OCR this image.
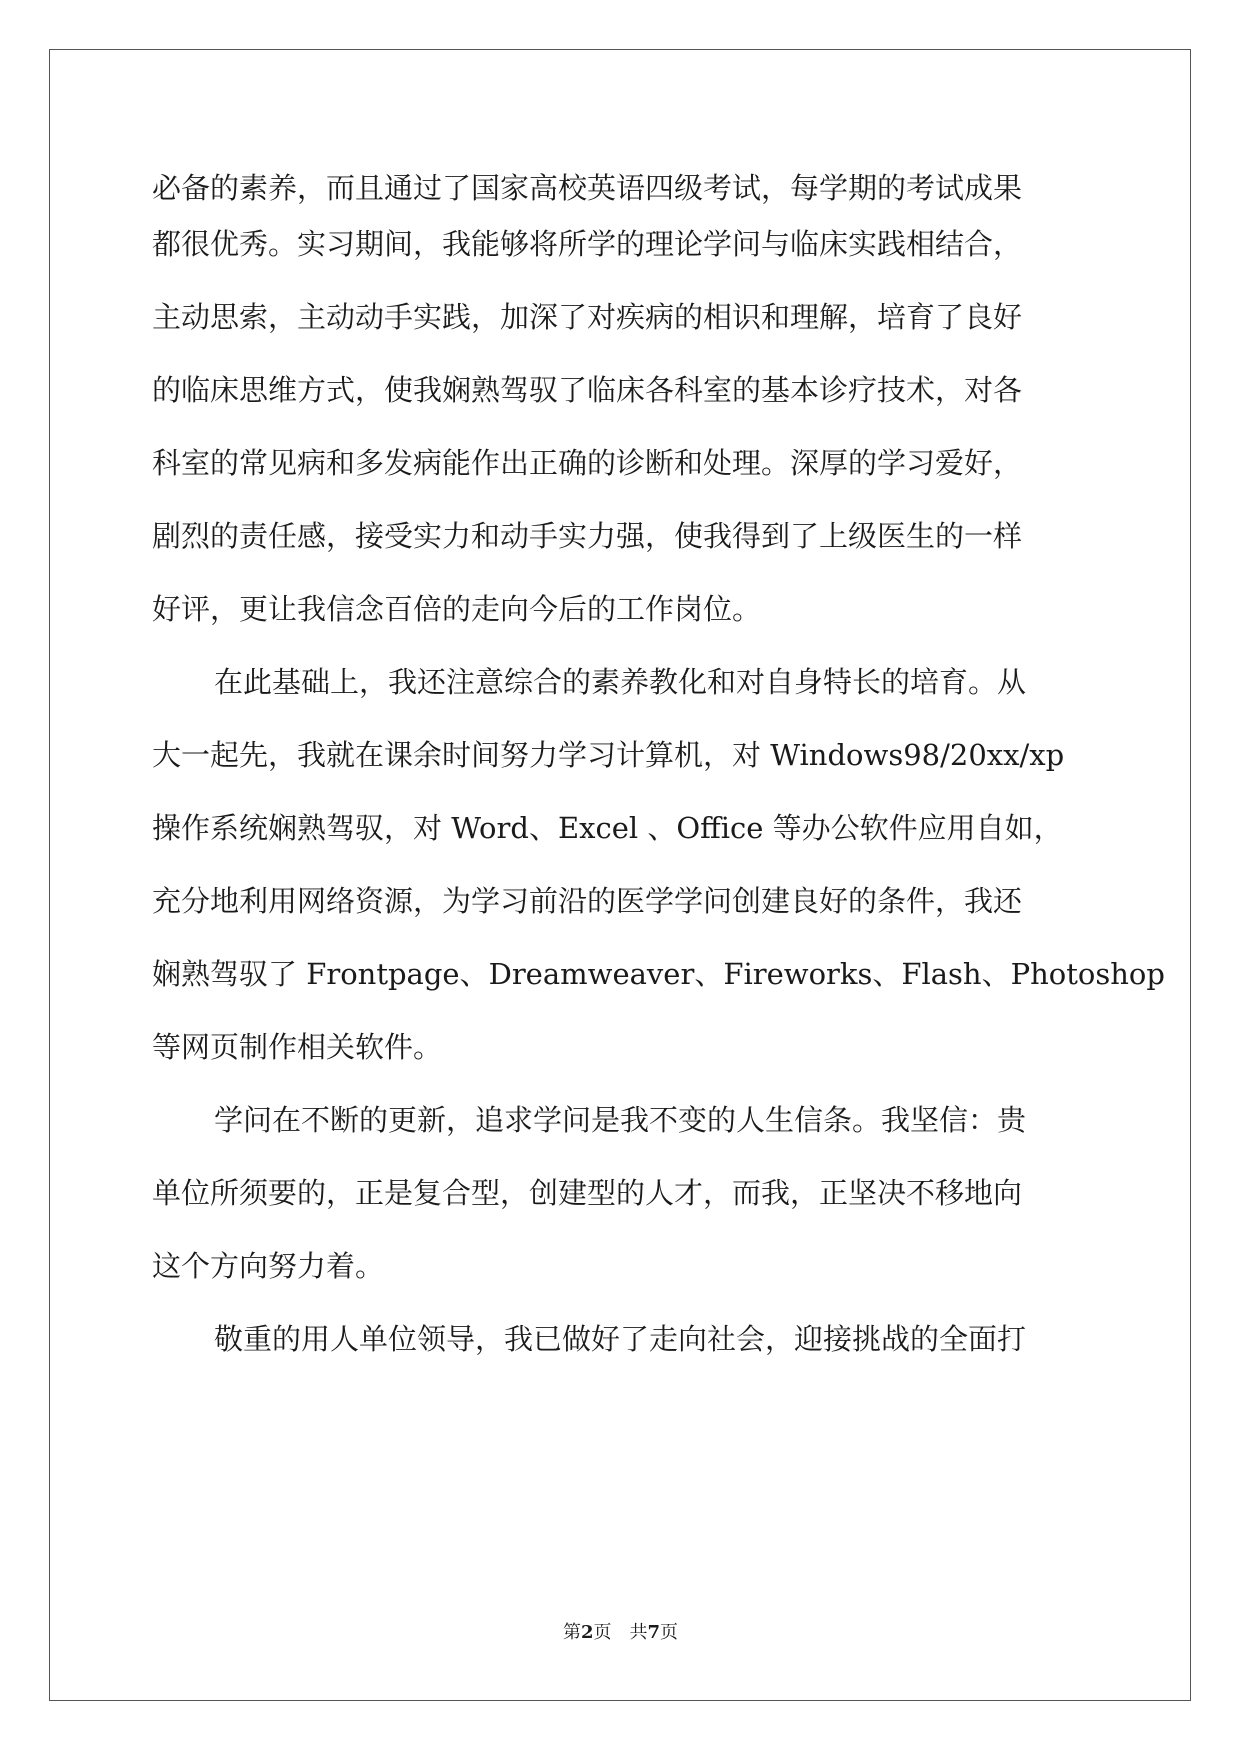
必备的素养，而且通过了国家高校英语四级考试，每学期的考试成果

都很优秀。实习期间，我能够将所学的理论学问与临床实践相结合，

主动思索，主动动手实践，加深了对疾病的相识和理解，培育了良好

的临床思维方式，使我娴熟驾驭了临床各科室的基本诊疗技术，对各

科室的常见病和多发病能作出正确的诊断和处理。深厚的学习爱好，

剧烈的责任感，接受实力和动手实力强，使我得到了上级医生的一样

好评，更让我信念百倍的走向今后的工作岗位。

在此基础上，我还注意综合的素养教化和对自身特长的培育。从

大一起先，我就在课余时间努力学习计算机，对 Windows98/20xx/xp

操作系统娴熟驾驭，对 Word、Excel 、Office 等办公软件应用自如，

充分地利用网络资源，为学习前沿的医学学问创建良好的条件，我还

娴熟驾驭了 Frontpage、Dreamweaver、Fireworks、Flash、Photoshop

等网页制作相关软件。

学问在不断的更新，追求学问是我不变的人生信条。我坚信：贵

单位所须要的，正是复合型，创建型的人才，而我，正坚决不移地向

这个方向努力着。

敬重的用人单位领导，我已做好了走向社会，迎接挑战的全面打

第2页　共7页
